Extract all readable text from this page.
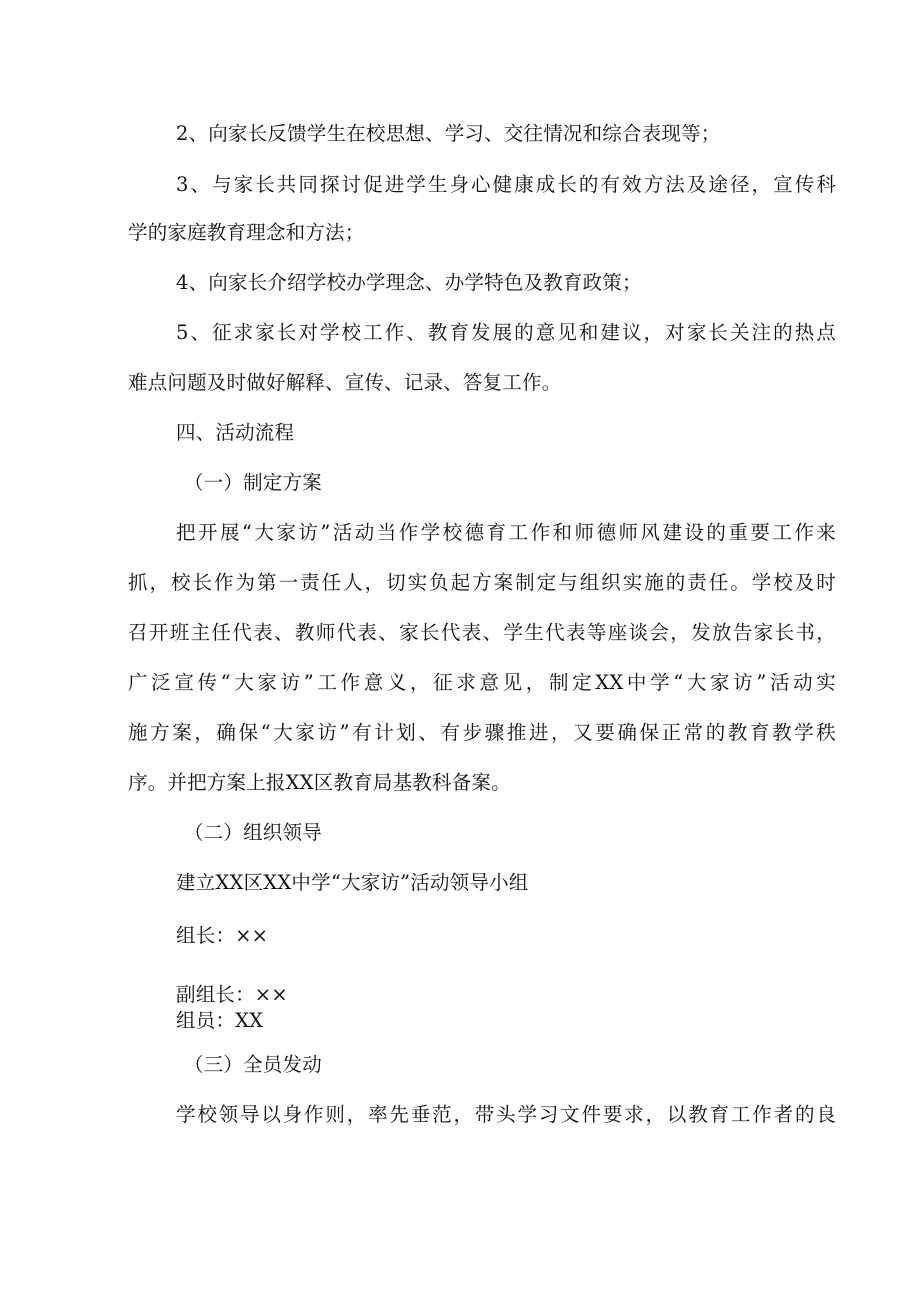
2、向家长反馈学生在校思想、学习、交往情况和综合表现等；
3、与家长共同探讨促进学生身心健康成长的有效方法及途径，宣传科
学的家庭教育理念和方法；
4、向家长介绍学校办学理念、办学特色及教育政策；
5、征求家长对学校工作、教育发展的意见和建议，对家长关注的热点
难点问题及时做好解释、宣传、记录、答复工作。
四、活动流程
（一）制定方案
把开展“大家访”活动当作学校德育工作和师德师风建设的重要工作来
抓，校长作为第一责任人，切实负起方案制定与组织实施的责任。学校及时
召开班主任代表、教师代表、家长代表、学生代表等座谈会，发放告家长书，
广泛宣传“大家访”工作意义，征求意见，制定XX中学“大家访”活动实
施方案，确保“大家访”有计划、有步骤推进，又要确保正常的教育教学秩
序。并把方案上报XX区教育局基教科备案。
（二）组织领导
建立XX区XX中学“大家访”活动领导小组
组长：××
副组长：××
组员：XX
（三）全员发动
学校领导以身作则，率先垂范，带头学习文件要求，以教育工作者的良
